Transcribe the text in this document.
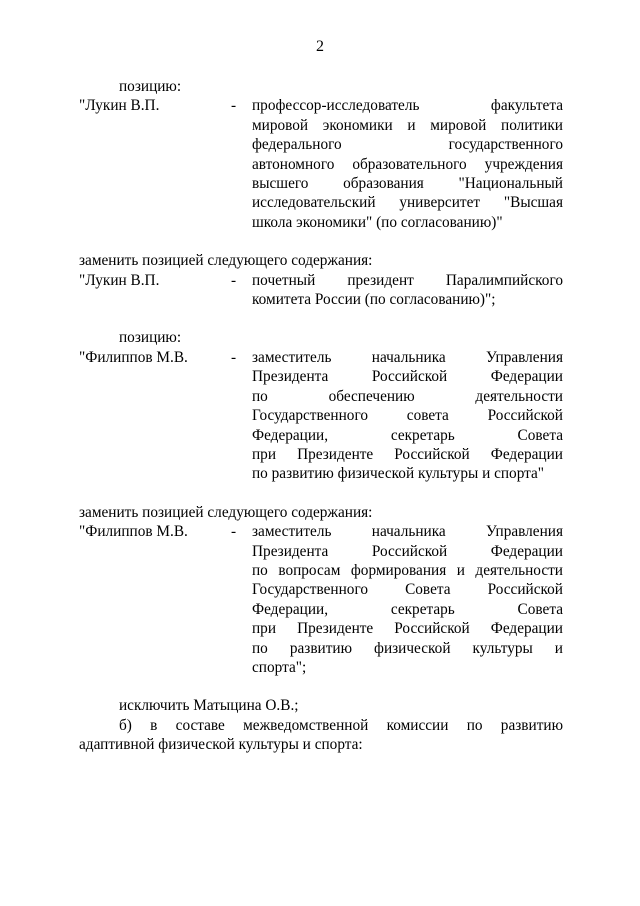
2
позицию:
"Лукин В.П.	-	профессор-исследователь факультета
мировой экономики и мировой политики
федерального государственного
автономного образовательного учреждения
высшего образования "Национальный
исследовательский университет "Высшая
школа экономики" (по согласованию)"
заменить позицией следующего содержания:
"Лукин В.П.	-	почетный президент Паралимпийского
комитета России (по согласованию)";
позицию:
"Филиппов М.В.	-	заместитель начальника Управления
Президента Российской Федерации
по обеспечению деятельности
Государственного совета Российской
Федерации, секретарь Совета
при Президенте Российской Федерации
по развитию физической культуры и спорта"
заменить позицией следующего содержания:
"Филиппов М.В.	-	заместитель начальника Управления
Президента Российской Федерации
по вопросам формирования и деятельности
Государственного Совета Российской
Федерации, секретарь Совета
при Президенте Российской Федерации
по развитию физической культуры и
спорта";
исключить Матыцина О.В.;
б) в составе межведомственной комиссии по развитию
адаптивной физической культуры и спорта:
